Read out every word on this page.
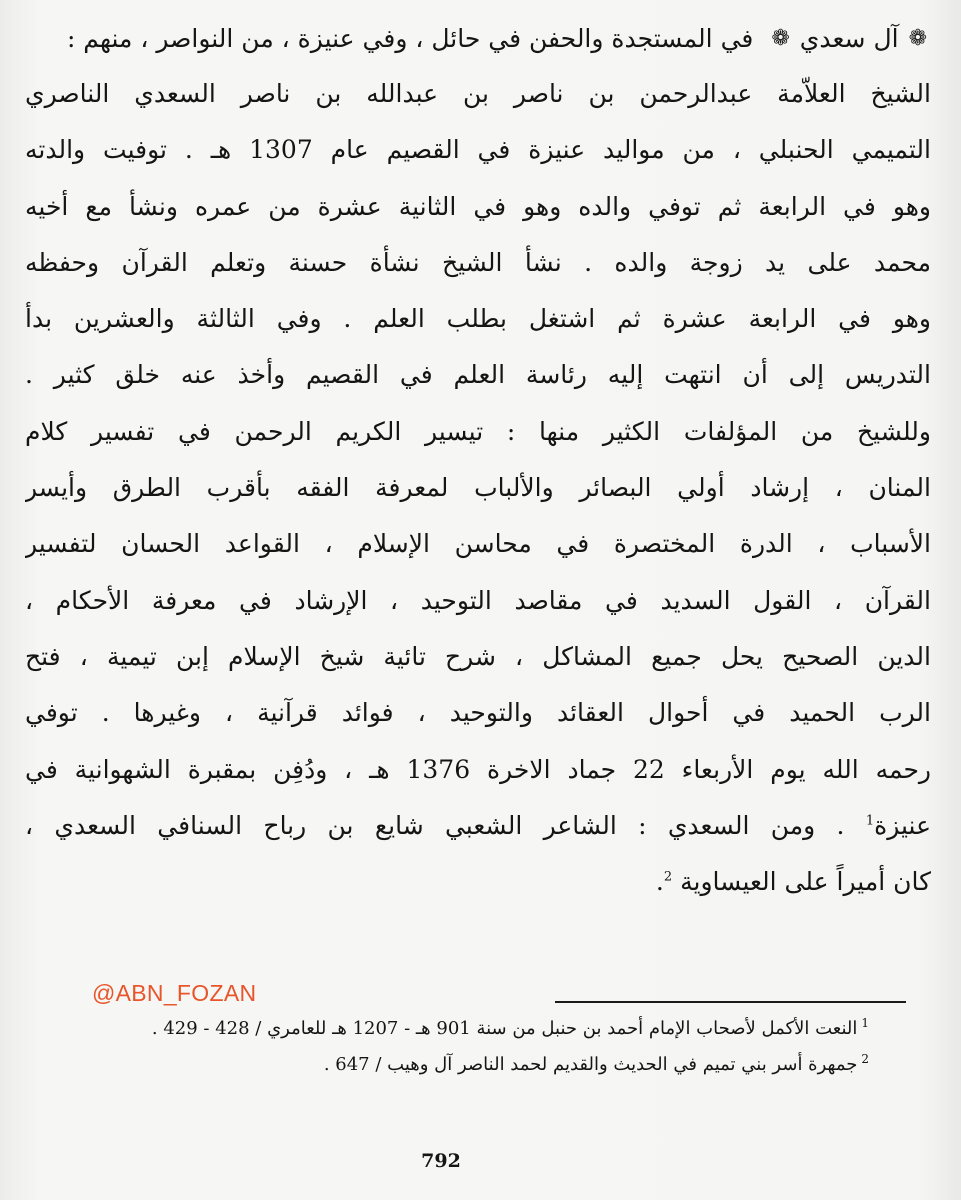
❁
آل سعدي
❁
في المستجدة والحفن في حائل ، وفي عنيزة ، من النواصر ، منهم :
الشيخ العلاّمة عبدالرحمن بن ناصر بن عبدالله بن ناصر السعدي الناصري
التميمي الحنبلي ، من مواليد عنيزة في القصيم عام 1307 هـ . توفيت والدته
وهو في الرابعة ثم توفي والده وهو في الثانية عشرة من عمره ونشأ مع أخيه
محمد على يد زوجة والده . نشأ الشيخ نشأة حسنة وتعلم القرآن وحفظه
وهو في الرابعة عشرة ثم اشتغل بطلب العلم . وفي الثالثة والعشرين بدأ
التدريس إلى أن انتهت إليه رئاسة العلم في القصيم وأخذ عنه خلق كثير .
وللشيخ من المؤلفات الكثير منها : تيسير الكريم الرحمن في تفسير كلام
المنان ، إرشاد أولي البصائر والألباب لمعرفة الفقه بأقرب الطرق وأيسر
الأسباب ، الدرة المختصرة في محاسن الإسلام ، القواعد الحسان لتفسير
القرآن ، القول السديد في مقاصد التوحيد ، الإرشاد في معرفة الأحكام ،
الدين الصحيح يحل جميع المشاكل ، شرح تائية شيخ الإسلام إبن تيمية ، فتح
الرب الحميد في أحوال العقائد والتوحيد ، فوائد قرآنية ، وغيرها . توفي
رحمه الله يوم الأربعاء 22 جماد الاخرة 1376 هـ ، ودُفِن بمقبرة الشهوانية في
عنيزة$^1$ . ومن السعدي : الشاعر الشعبي شايع بن رباح السنافي السعدي ،
كان أميراً على العيساوية $^2$.
@ABN_FOZAN
$^1$النعت الأكمل لأصحاب الإمام أحمد بن حنبل من سنة 901 هـ - 1207 هـ للعامري / 428 - 429 .
$^2$جمهرة أسر بني تميم في الحديث والقديم لحمد الناصر آل وهيب / 647 .
792
